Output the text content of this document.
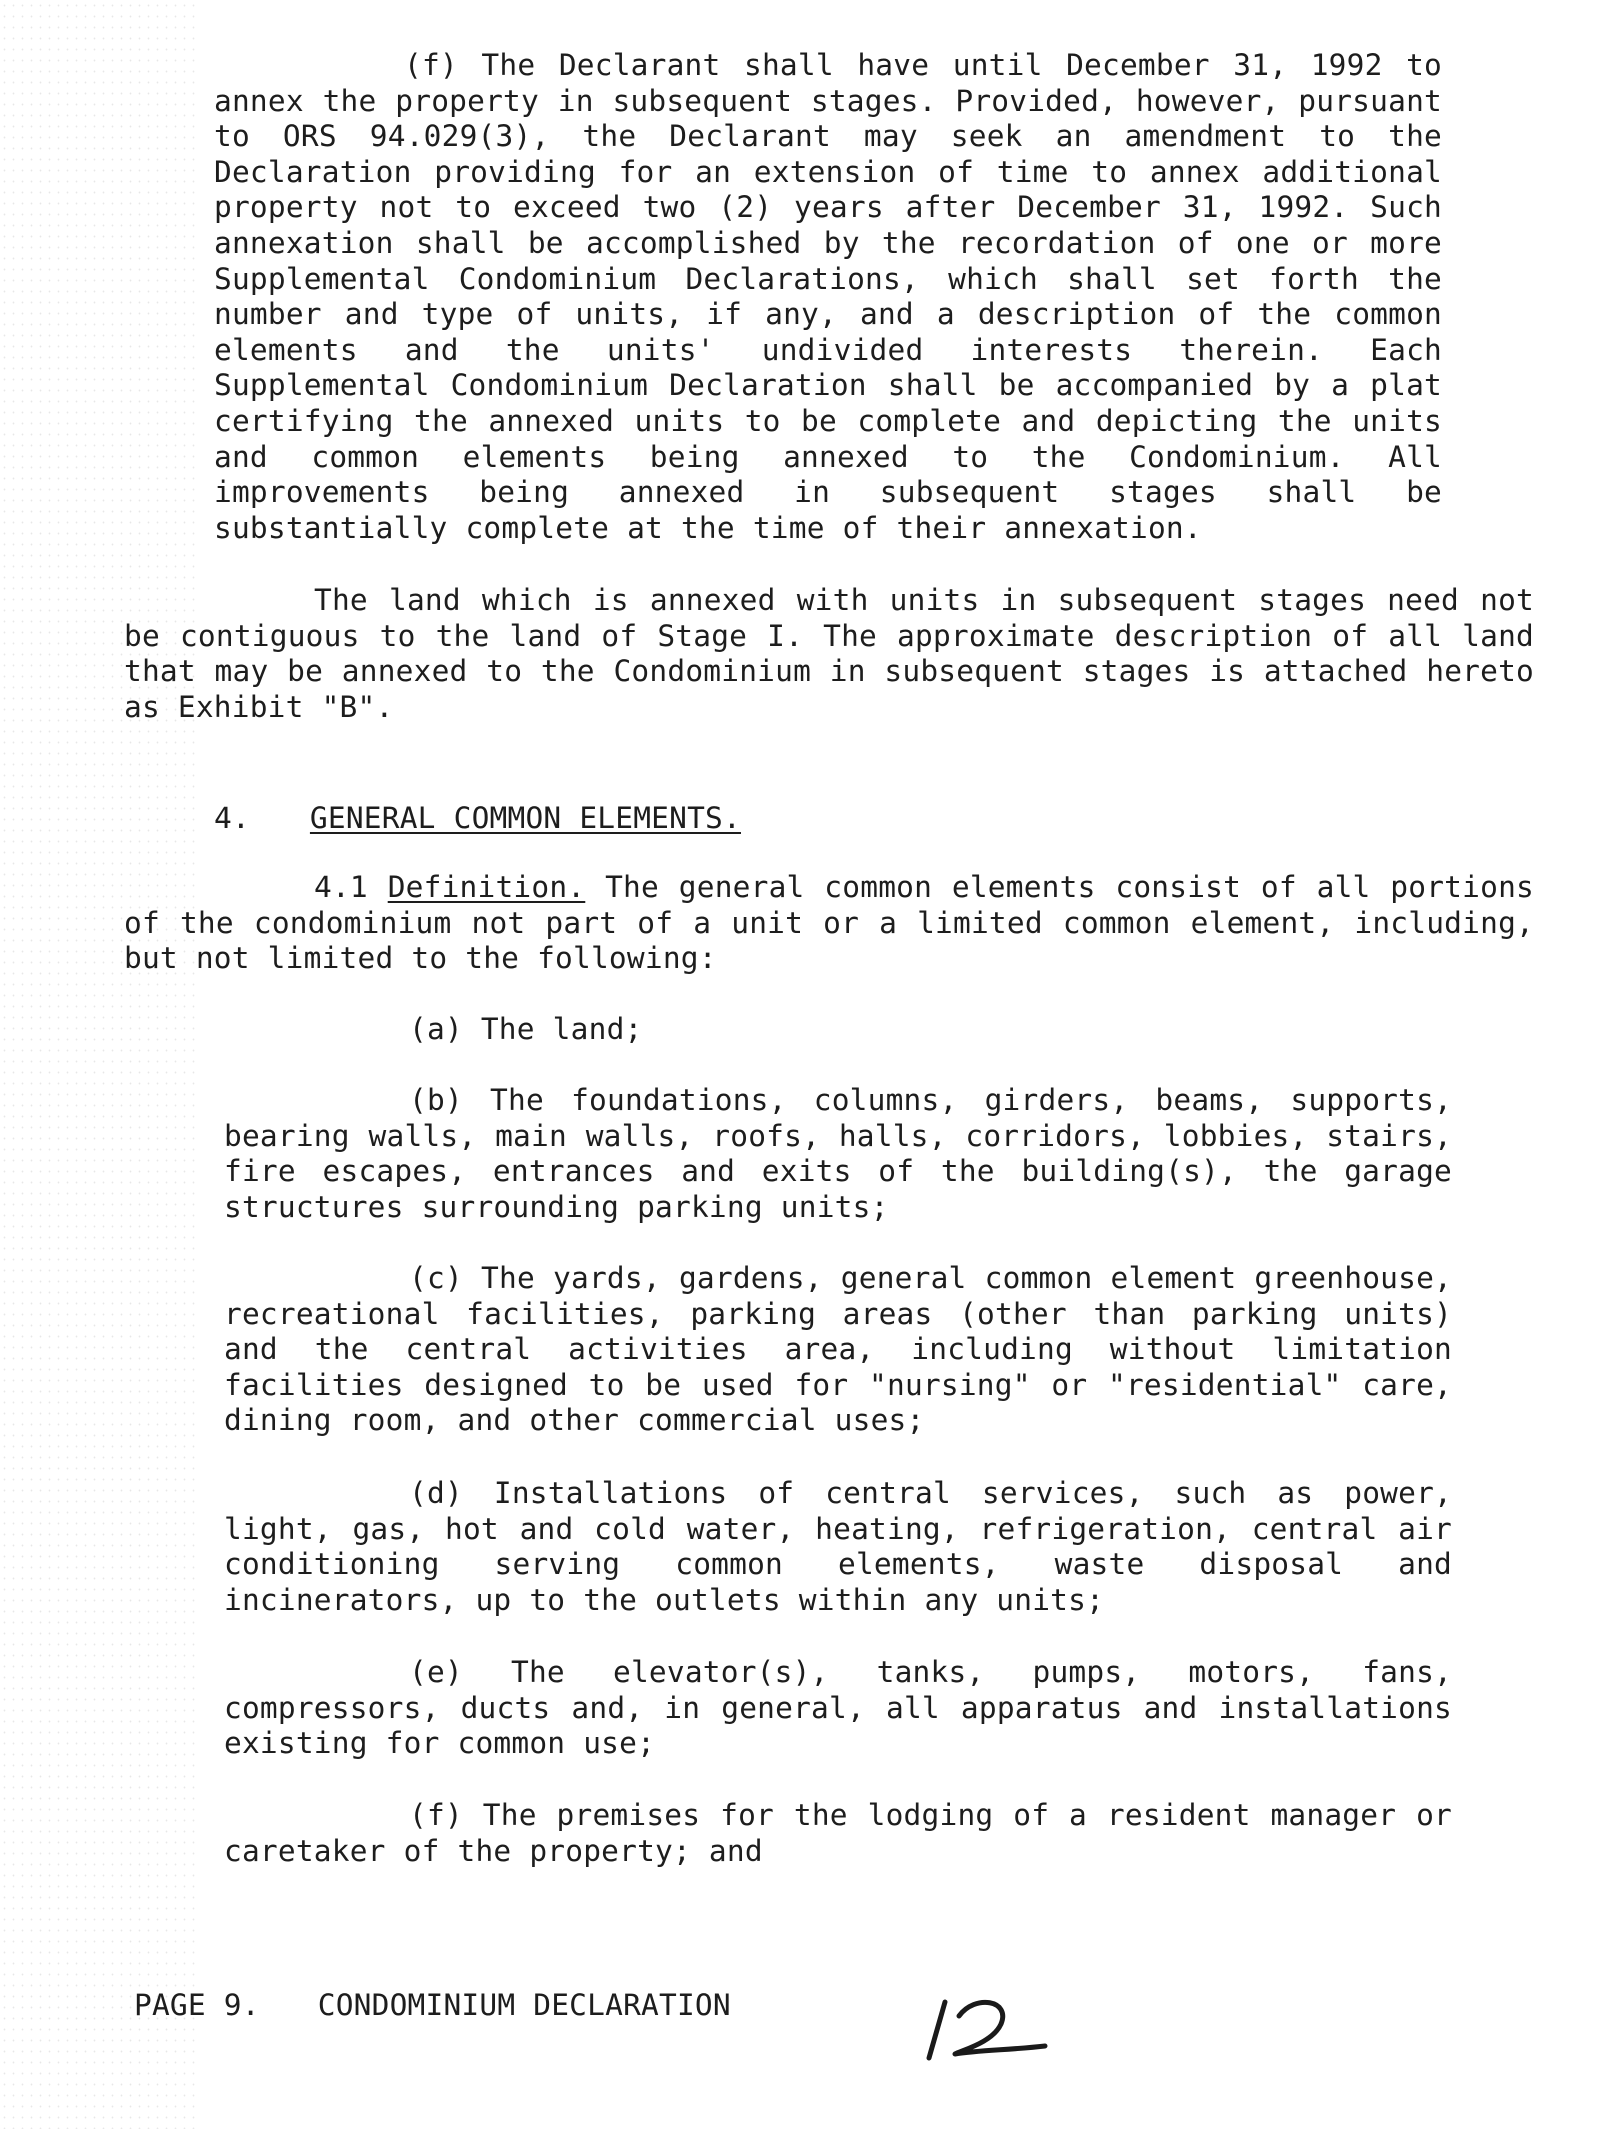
(f) The Declarant shall have until December 31, 1992 to annex the property in subsequent stages. Provided, however, pursuant to ORS 94.029(3), the Declarant may seek an amendment to the Declaration providing for an extension of time to annex additional property not to exceed two (2) years after December 31, 1992. Such annexation shall be accomplished by the recordation of one or more Supplemental Condominium Declarations, which shall set forth the number and type of units, if any, and a description of the common elements and the units' undivided interests therein. Each Supplemental Condominium Declaration shall be accompanied by a plat certifying the annexed units to be complete and depicting the units and common elements being annexed to the Condominium. All improvements being annexed in subsequent stages shall be substantially complete at the time of their annexation.

The land which is annexed with units in subsequent stages need not be contiguous to the land of Stage I. The approximate description of all land that may be annexed to the Condominium in subsequent stages is attached hereto as Exhibit "B".

4. GENERAL COMMON ELEMENTS.

4.1 Definition. The general common elements consist of all portions of the condominium not part of a unit or a limited common element, including, but not limited to the following:

(a) The land;

(b) The foundations, columns, girders, beams, supports, bearing walls, main walls, roofs, halls, corridors, lobbies, stairs, fire escapes, entrances and exits of the building(s), the garage structures surrounding parking units;

(c) The yards, gardens, general common element greenhouse, recreational facilities, parking areas (other than parking units) and the central activities area, including without limitation facilities designed to be used for "nursing" or "residential" care, dining room, and other commercial uses;

(d) Installations of central services, such as power, light, gas, hot and cold water, heating, refrigeration, central air conditioning serving common elements, waste disposal and incinerators, up to the outlets within any units;

(e) The elevator(s), tanks, pumps, motors, fans, compressors, ducts and, in general, all apparatus and installations existing for common use;

(f) The premises for the lodging of a resident manager or caretaker of the property; and

PAGE 9. CONDOMINIUM DECLARATION
